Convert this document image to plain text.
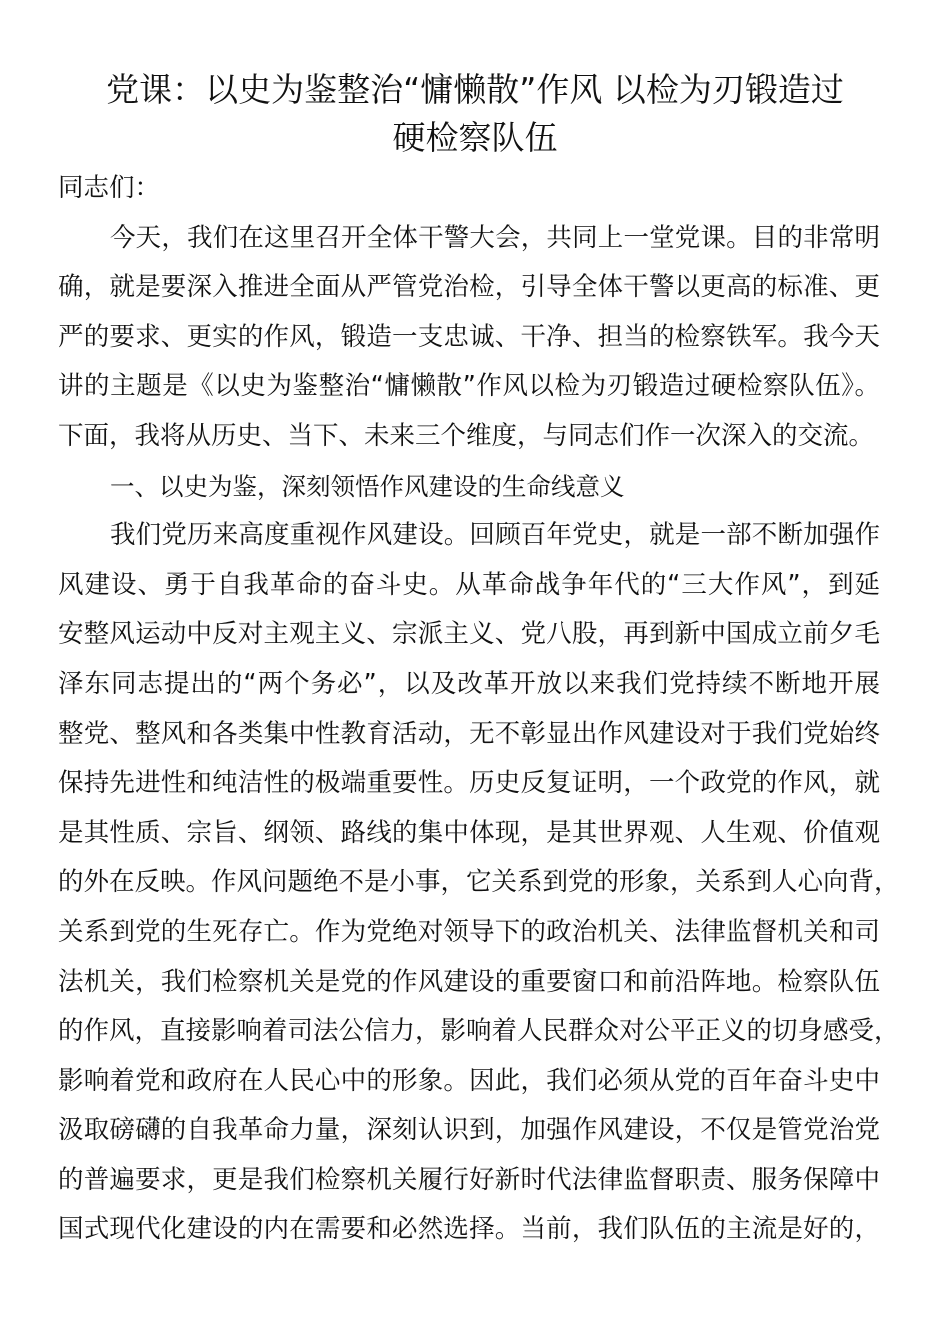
党课：以史为鉴整治“慵懒散”作风 以检为刃锻造过
硬检察队伍
同志们：
今天，我们在这里召开全体干警大会，共同上一堂党课。目的非常明
确，就是要深入推进全面从严管党治检，引导全体干警以更高的标准、更
严的要求、更实的作风，锻造一支忠诚、干净、担当的检察铁军。我今天
讲的主题是《以史为鉴整治“慵懒散”作风以检为刃锻造过硬检察队伍》。
下面，我将从历史、当下、未来三个维度，与同志们作一次深入的交流。
一、以史为鉴，深刻领悟作风建设的生命线意义
我们党历来高度重视作风建设。回顾百年党史，就是一部不断加强作
风建设、勇于自我革命的奋斗史。从革命战争年代的“三大作风”，到延
安整风运动中反对主观主义、宗派主义、党八股，再到新中国成立前夕毛
泽东同志提出的“两个务必”，以及改革开放以来我们党持续不断地开展
整党、整风和各类集中性教育活动，无不彰显出作风建设对于我们党始终
保持先进性和纯洁性的极端重要性。历史反复证明，一个政党的作风，就
是其性质、宗旨、纲领、路线的集中体现，是其世界观、人生观、价值观
的外在反映。作风问题绝不是小事，它关系到党的形象，关系到人心向背，
关系到党的生死存亡。作为党绝对领导下的政治机关、法律监督机关和司
法机关，我们检察机关是党的作风建设的重要窗口和前沿阵地。检察队伍
的作风，直接影响着司法公信力，影响着人民群众对公平正义的切身感受，
影响着党和政府在人民心中的形象。因此，我们必须从党的百年奋斗史中
汲取磅礴的自我革命力量，深刻认识到，加强作风建设，不仅是管党治党
的普遍要求，更是我们检察机关履行好新时代法律监督职责、服务保障中
国式现代化建设的内在需要和必然选择。当前，我们队伍的主流是好的，
